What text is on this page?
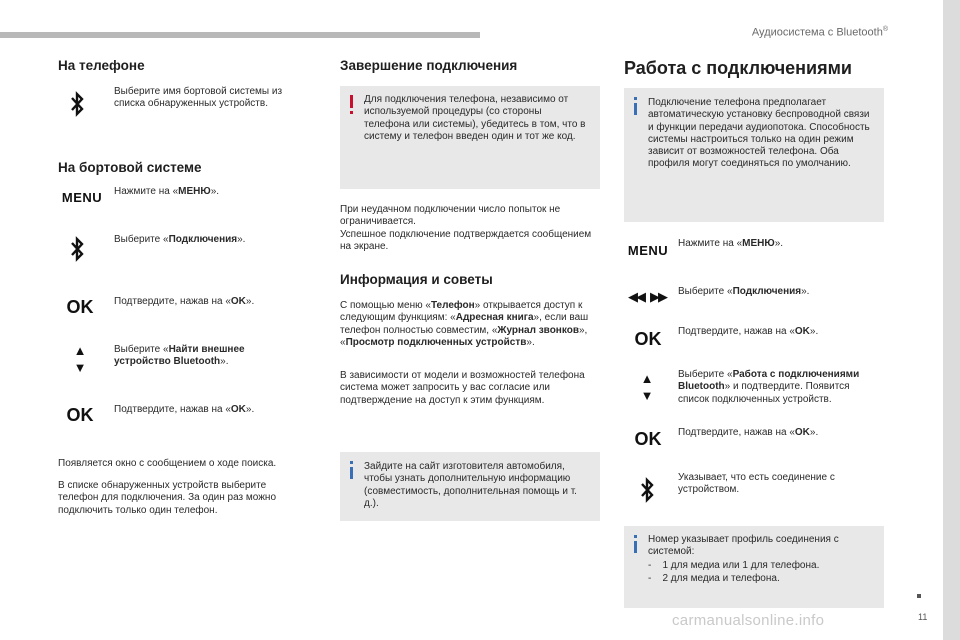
Аудиосистема с Bluetooth®
11
carmanualsonline.info
На телефоне

Выберите имя бортовой системы из списка обнаруженных устройств.

На бортовой системе
MENU	Нажмите на «МЕНЮ».

Выберите «Подключения».

OK	Подтвердите, нажав на «OK».

▲
▼

Выберите «Найти внешнее устройство Bluetooth».

OK	Подтвердите, нажав на «OK».

Появляется окно с сообщением о ходе поиска.

В списке обнаруженных устройств выберите телефон для подключения. За один раз можно подключить только один телефон.

Завершение подключения

Для подключения телефона, незавиcимо от используемой процедуры (со стороны телефона или системы), убедитесь в том, что в систему и телефон введен один и тот же код.

При неудачном подключении число попыток не ограничивается.

Успешное подключение подтверждается сообщением на экране.

Информация и советы

С помощью меню «Телефон» открывается доступ к следующим функциям: «Адресная книга», если ваш телефон полностью совместим, «Журнал звонков», «Просмотр подключенных устройств».

В зависимости от модели и возможностей телефона система может запросить у вас согласие или подтверждение на доступ к этим функциям.

Зайдите на сайт изготовителя автомобиля, чтобы узнать дополнительную информацию (совместимость, дополнительная помощь и т. д.).

Работа с подключениями

Подключение телефона предполагает автоматическую установку беспроводной связи и функции передачи аудиопотока. Способность системы настроиться только на один режим зависит от возможностей телефона. Оба профиля могут соединяться по умолчанию.

MENU Нажмите на «МЕНЮ».

◀◀ ▶▶ Выберите «Подключения».

OK	Подтвердите, нажав на «OK».

▲
▼

Выберите «Работа с подключениями Bluetooth» и подтвердите. Появится список подключенных устройств.

OK	Подтвердите, нажав на «OK».

Указывает, что есть соединение с устройством.

Номер указывает профиль соединения с системой:

-    1 для медиа или 1 для телефона.

-    2 для медиа и телефона.
